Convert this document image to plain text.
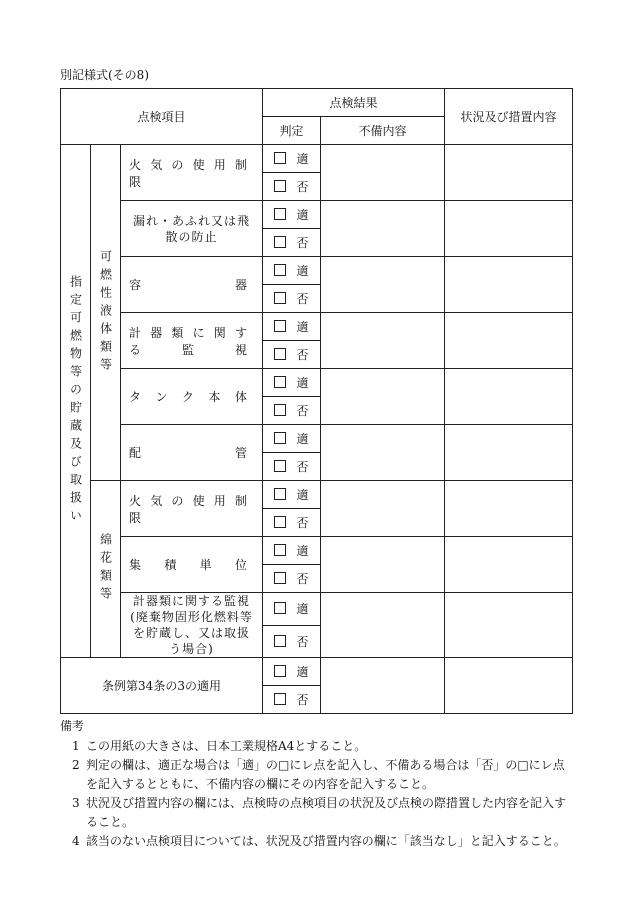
別記様式(その8)
点検項目			点検結果		状況及び措置内容
			判定	不備内容	

指定可燃物等の貯蔵及び取扱い	可燃性液体類等	火気の使用制限	適		
			否		

		漏れ・あふれ又は飛散の防止	適		
			否		

		容器	適		
			否		

		計器類に関する監視	適		
			否		

		タンク本体	適		
			否		

		配管	適		
			否		

	綿花類等	火気の使用制限	適		
			否		

		集積単位	適		
			否		

		計器類に関する監視(廃棄物固形化燃料等を貯蔵し、又は取扱う場合)	適		
			否		
条例第34条の3の適用			適		
			否		
備考
1 この用紙の大きさは、日本工業規格A4とすること。
2 判定の欄は、適正な場合は「適」の□にレ点を記入し、不備ある場合は「否」の□にレ点を記入するとともに、不備内容の欄にその内容を記入すること。
3 状況及び措置内容の欄には、点検時の点検項目の状況及び点検の際措置した内容を記入すること。
4 該当のない点検項目については、状況及び措置内容の欄に「該当なし」と記入すること。
